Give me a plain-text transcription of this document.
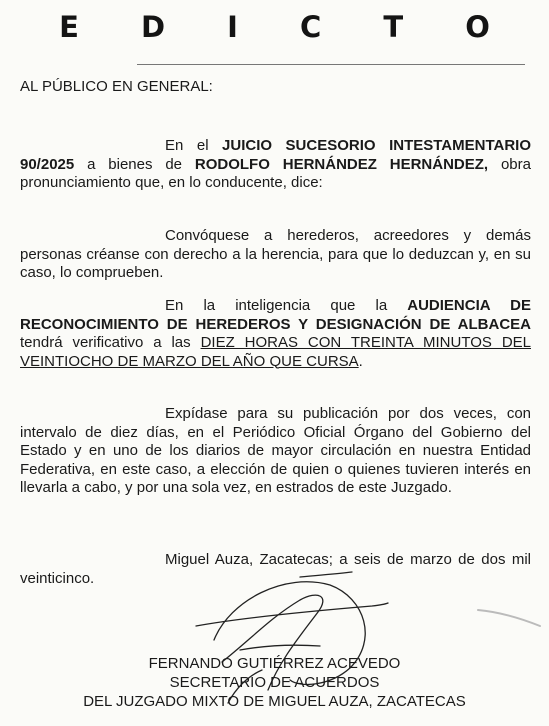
E D I C T O
AL PÚBLICO EN GENERAL:

En el JUICIO SUCESORIO INTESTAMENTARIO 90/2025 a bienes de RODOLFO HERNÁNDEZ HERNÁNDEZ, obra pronunciamiento que, en lo conducente, dice:

Convóquese a herederos, acreedores y demás personas créanse con derecho a la herencia, para que lo deduzcan y, en su caso, lo comprueben.

En la inteligencia que la AUDIENCIA DE RECONOCIMIENTO DE HEREDEROS Y DESIGNACIÓN DE ALBACEA tendrá verificativo a las DIEZ HORAS CON TREINTA MINUTOS DEL VEINTIOCHO DE MARZO DEL AÑO QUE CURSA.

Expídase para su publicación por dos veces, con intervalo de diez días, en el Periódico Oficial Órgano del Gobierno del Estado y en uno de los diarios de mayor circulación en nuestra Entidad Federativa, en este caso, a elección de quien o quienes tuvieren interés en llevarla a cabo, y por una sola vez, en estrados de este Juzgado.

Miguel Auza, Zacatecas; a seis de marzo de dos mil veinticinco.

FERNANDO GUTIÉRREZ ACEVEDO
SECRETARIO DE ACUERDOS
DEL JUZGADO MIXTO DE MIGUEL AUZA, ZACATECAS
